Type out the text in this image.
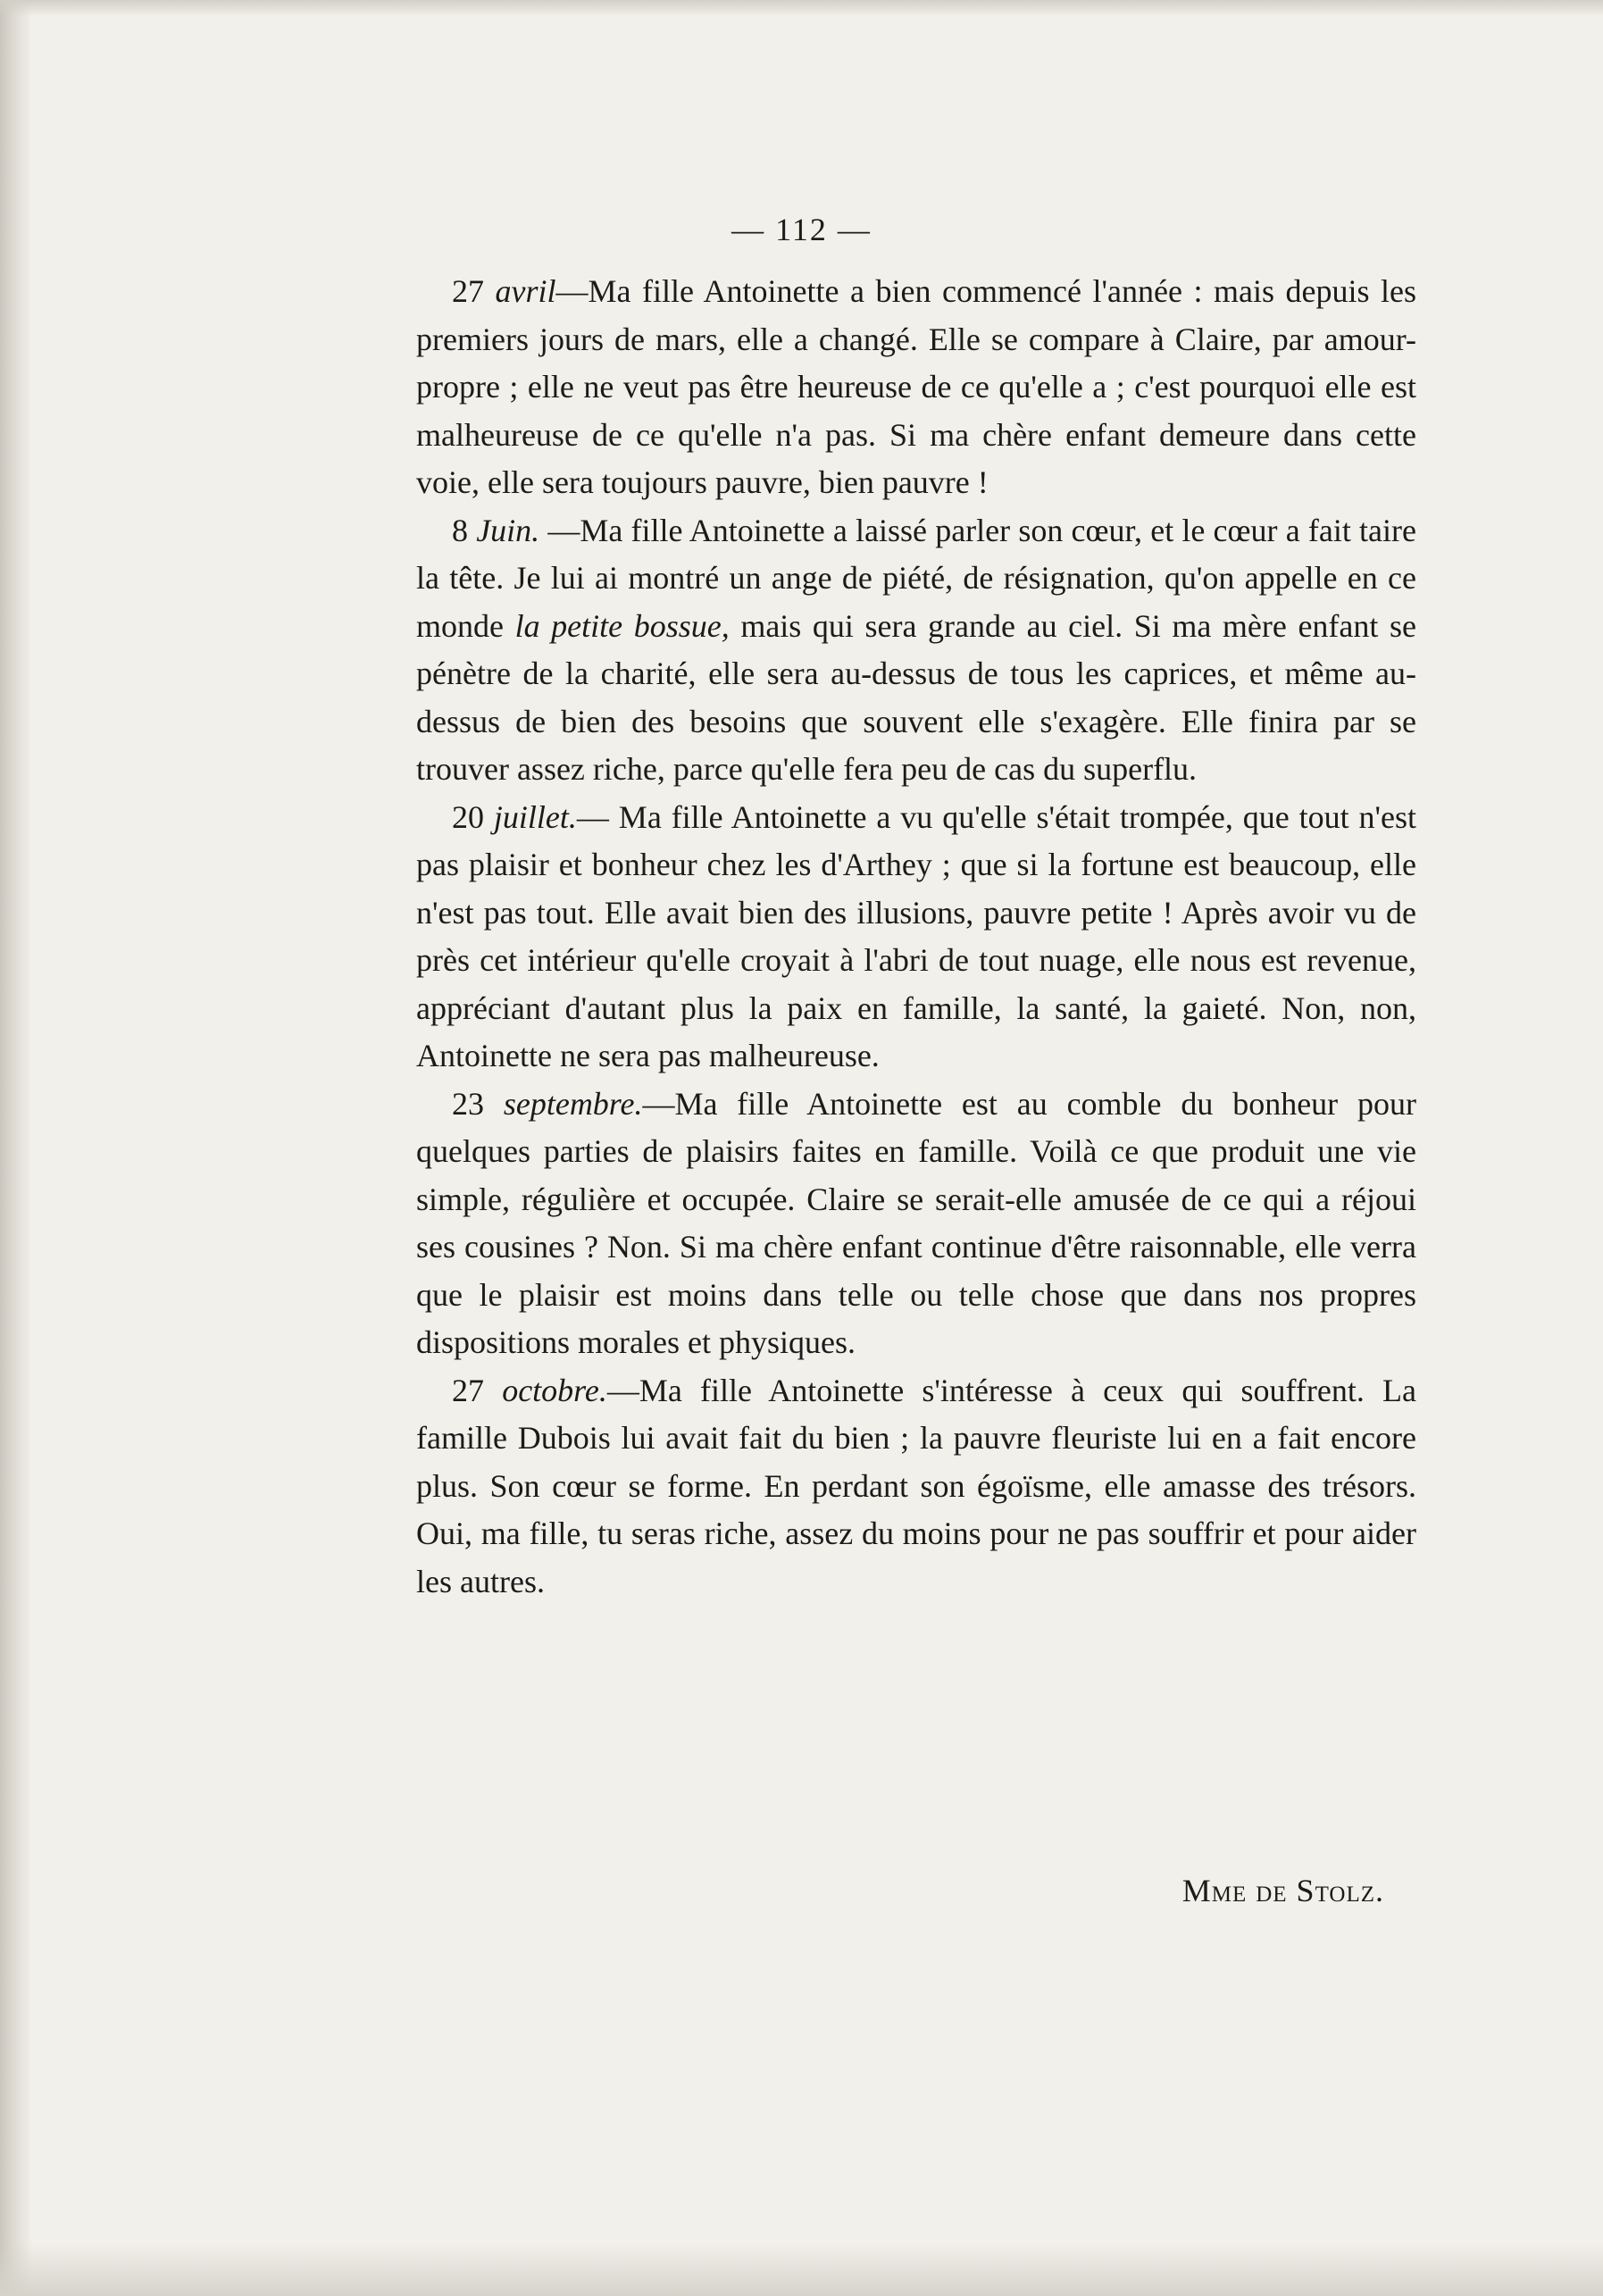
— 112 —

27 avril—Ma fille Antoinette a bien commencé l'année : mais depuis les premiers jours de mars, elle a changé. Elle se compare à Claire, par amour-propre ; elle ne veut pas être heureuse de ce qu'elle a ; c'est pourquoi elle est malheureuse de ce qu'elle n'a pas. Si ma chère enfant demeure dans cette voie, elle sera toujours pauvre, bien pauvre !

8 Juin. —Ma fille Antoinette a laissé parler son cœur, et le cœur a fait taire la tête. Je lui ai montré un ange de piété, de résignation, qu'on appelle en ce monde la petite bossue, mais qui sera grande au ciel. Si ma mère enfant se pénètre de la charité, elle sera au-dessus de tous les caprices, et même au-dessus de bien des besoins que souvent elle s'exagère. Elle finira par se trouver assez riche, parce qu'elle fera peu de cas du superflu.

20 juillet.— Ma fille Antoinette a vu qu'elle s'était trompée, que tout n'est pas plaisir et bonheur chez les d'Arthey ; que si la fortune est beaucoup, elle n'est pas tout. Elle avait bien des illusions, pauvre petite ! Après avoir vu de près cet intérieur qu'elle croyait à l'abri de tout nuage, elle nous est revenue, appréciant d'autant plus la paix en famille, la santé, la gaieté. Non, non, Antoinette ne sera pas malheureuse.

23 septembre.—Ma fille Antoinette est au comble du bonheur pour quelques parties de plaisirs faites en famille. Voilà ce que produit une vie simple, régulière et occupée. Claire se serait-elle amusée de ce qui a réjoui ses cousines ? Non. Si ma chère enfant continue d'être raisonnable, elle verra que le plaisir est moins dans telle ou telle chose que dans nos propres dispositions morales et physiques.

27 octobre.—Ma fille Antoinette s'intéresse à ceux qui souffrent. La famille Dubois lui avait fait du bien ; la pauvre fleuriste lui en a fait encore plus. Son cœur se forme. En perdant son égoïsme, elle amasse des trésors. Oui, ma fille, tu seras riche, assez du moins pour ne pas souffrir et pour aider les autres.

Mme de Stolz.
